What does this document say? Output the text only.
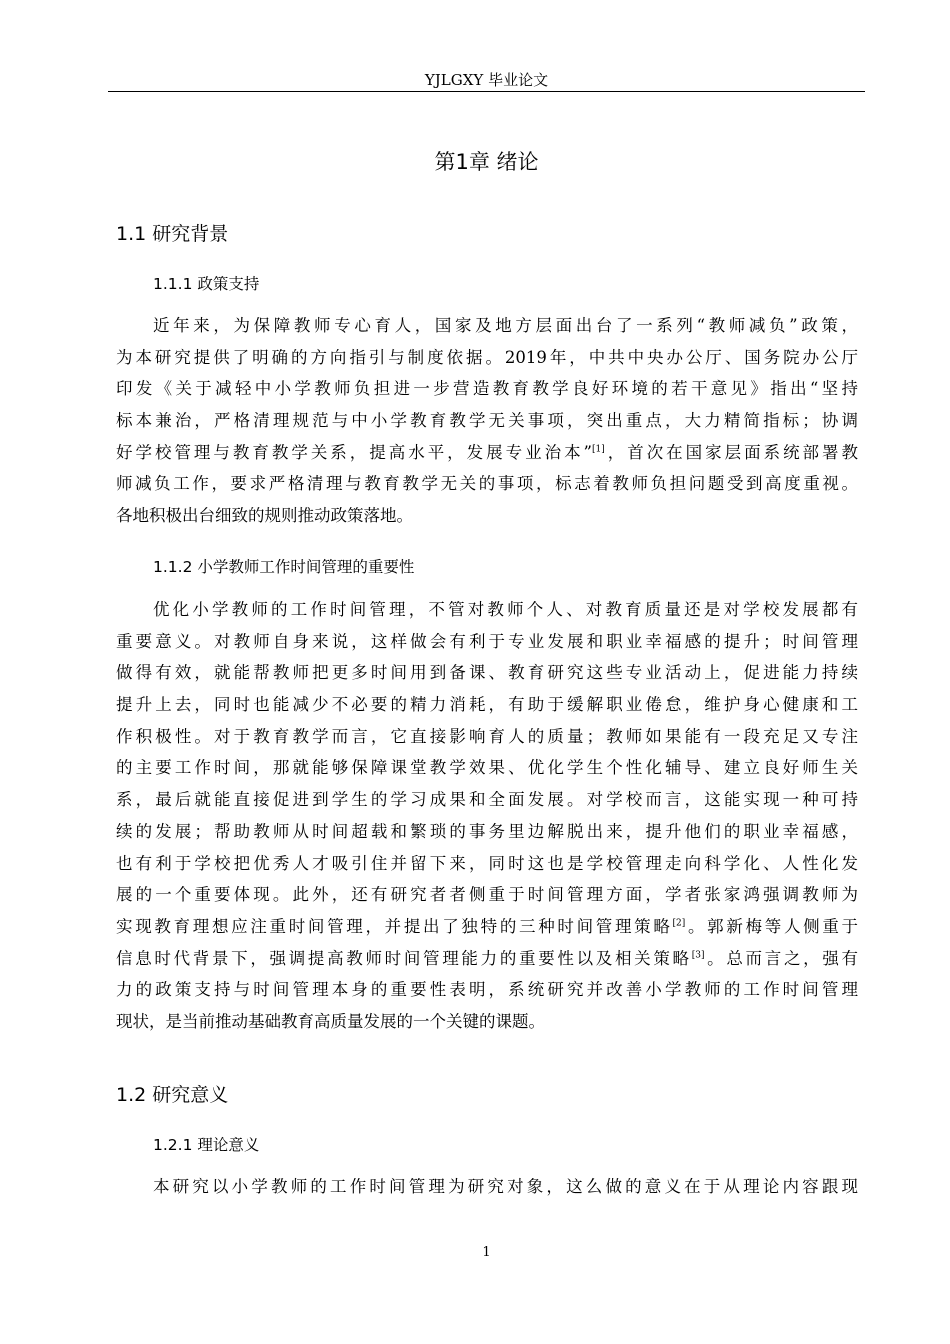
YJLGXY 毕业论文
第1章 绪论
1.1 研究背景
1.1.1 政策支持
近年来，为保障教师专心育人，国家及地方层面出台了一系列“教师减负”政策，
为本研究提供了明确的方向指引与制度依据。2019年，中共中央办公厅、国务院办公厅
印发《关于减轻中小学教师负担进一步营造教育教学良好环境的若干意见》指出“坚持
标本兼治，严格清理规范与中小学教育教学无关事项，突出重点，大力精简指标；协调
好学校管理与教育教学关系，提高水平，发展专业治本”[1]，首次在国家层面系统部署教
师减负工作，要求严格清理与教育教学无关的事项，标志着教师负担问题受到高度重视。
各地积极出台细致的规则推动政策落地。
1.1.2 小学教师工作时间管理的重要性
优化小学教师的工作时间管理，不管对教师个人、对教育质量还是对学校发展都有
重要意义。对教师自身来说，这样做会有利于专业发展和职业幸福感的提升；时间管理
做得有效，就能帮教师把更多时间用到备课、教育研究这些专业活动上，促进能力持续
提升上去，同时也能减少不必要的精力消耗，有助于缓解职业倦怠，维护身心健康和工
作积极性。对于教育教学而言，它直接影响育人的质量；教师如果能有一段充足又专注
的主要工作时间，那就能够保障课堂教学效果、优化学生个性化辅导、建立良好师生关
系，最后就能直接促进到学生的学习成果和全面发展。对学校而言，这能实现一种可持
续的发展；帮助教师从时间超载和繁琐的事务里边解脱出来，提升他们的职业幸福感，
也有利于学校把优秀人才吸引住并留下来，同时这也是学校管理走向科学化、人性化发
展的一个重要体现。此外，还有研究者者侧重于时间管理方面，学者张家鸿强调教师为
实现教育理想应注重时间管理，并提出了独特的三种时间管理策略[2]。郭新梅等人侧重于
信息时代背景下，强调提高教师时间管理能力的重要性以及相关策略[3]。总而言之，强有
力的政策支持与时间管理本身的重要性表明，系统研究并改善小学教师的工作时间管理
现状，是当前推动基础教育高质量发展的一个关键的课题。
1.2 研究意义
1.2.1 理论意义
本研究以小学教师的工作时间管理为研究对象，这么做的意义在于从理论内容跟现
1
